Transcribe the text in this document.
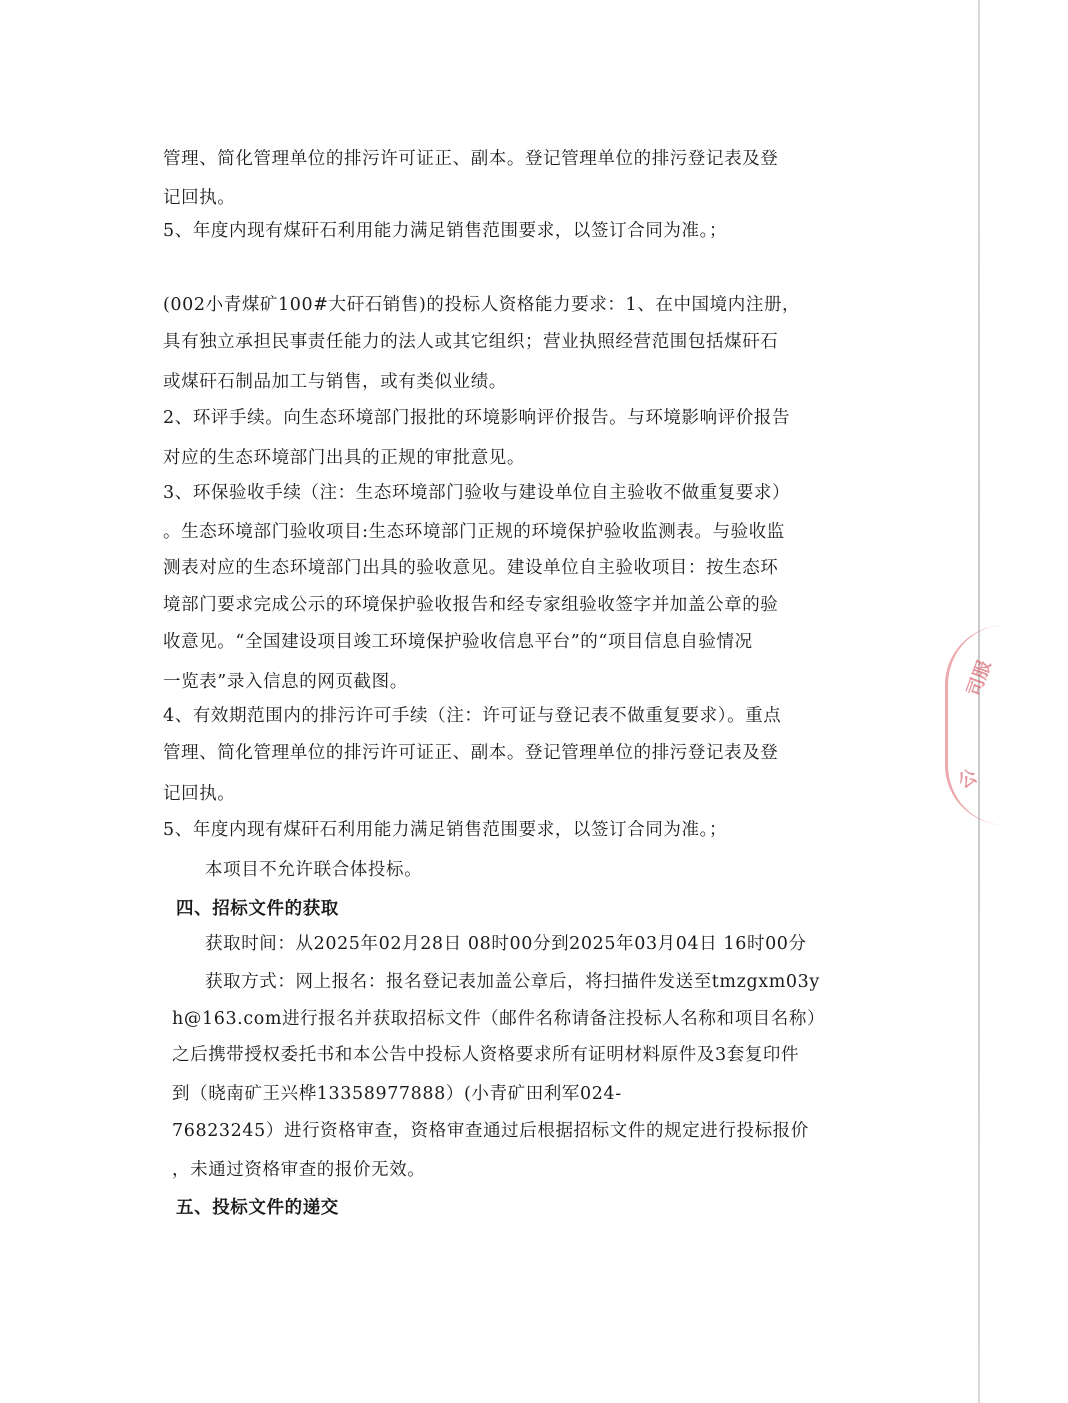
管理、简化管理单位的排污许可证正、副本。登记管理单位的排污登记表及登
记回执。
5、年度内现有煤矸石利用能力满足销售范围要求，以签订合同为准。；
(002小青煤矿100#大矸石销售)的投标人资格能力要求：1、在中国境内注册，
具有独立承担民事责任能力的法人或其它组织；营业执照经营范围包括煤矸石
或煤矸石制品加工与销售，或有类似业绩。
2、环评手续。向生态环境部门报批的环境影响评价报告。与环境影响评价报告
对应的生态环境部门出具的正规的审批意见。
3、环保验收手续（注：生态环境部门验收与建设单位自主验收不做重复要求）
。生态环境部门验收项目:生态环境部门正规的环境保护验收监测表。与验收监
测表对应的生态环境部门出具的验收意见。建设单位自主验收项目：按生态环
境部门要求完成公示的环境保护验收报告和经专家组验收签字并加盖公章的验
收意见。“全国建设项目竣工环境保护验收信息平台”的“项目信息自验情况
一览表”录入信息的网页截图。
4、有效期范围内的排污许可手续（注：许可证与登记表不做重复要求）。重点
管理、简化管理单位的排污许可证正、副本。登记管理单位的排污登记表及登
记回执。
5、年度内现有煤矸石利用能力满足销售范围要求，以签订合同为准。；
本项目不允许联合体投标。
四、招标文件的获取
获取时间：从2025年02月28日 08时00分到2025年03月04日 16时00分
获取方式：网上报名：报名登记表加盖公章后，将扫描件发送至tmzgxm03y
h@163.com进行报名并获取招标文件（邮件名称请备注投标人名称和项目名称）
之后携带授权委托书和本公告中投标人资格要求所有证明材料原件及3套复印件
到（晓南矿王兴桦13358977888）(小青矿田利军024-
76823245）进行资格审查，资格审查通过后根据招标文件的规定进行投标报价
，未通过资格审查的报价无效。
五、投标文件的递交
司服
公
